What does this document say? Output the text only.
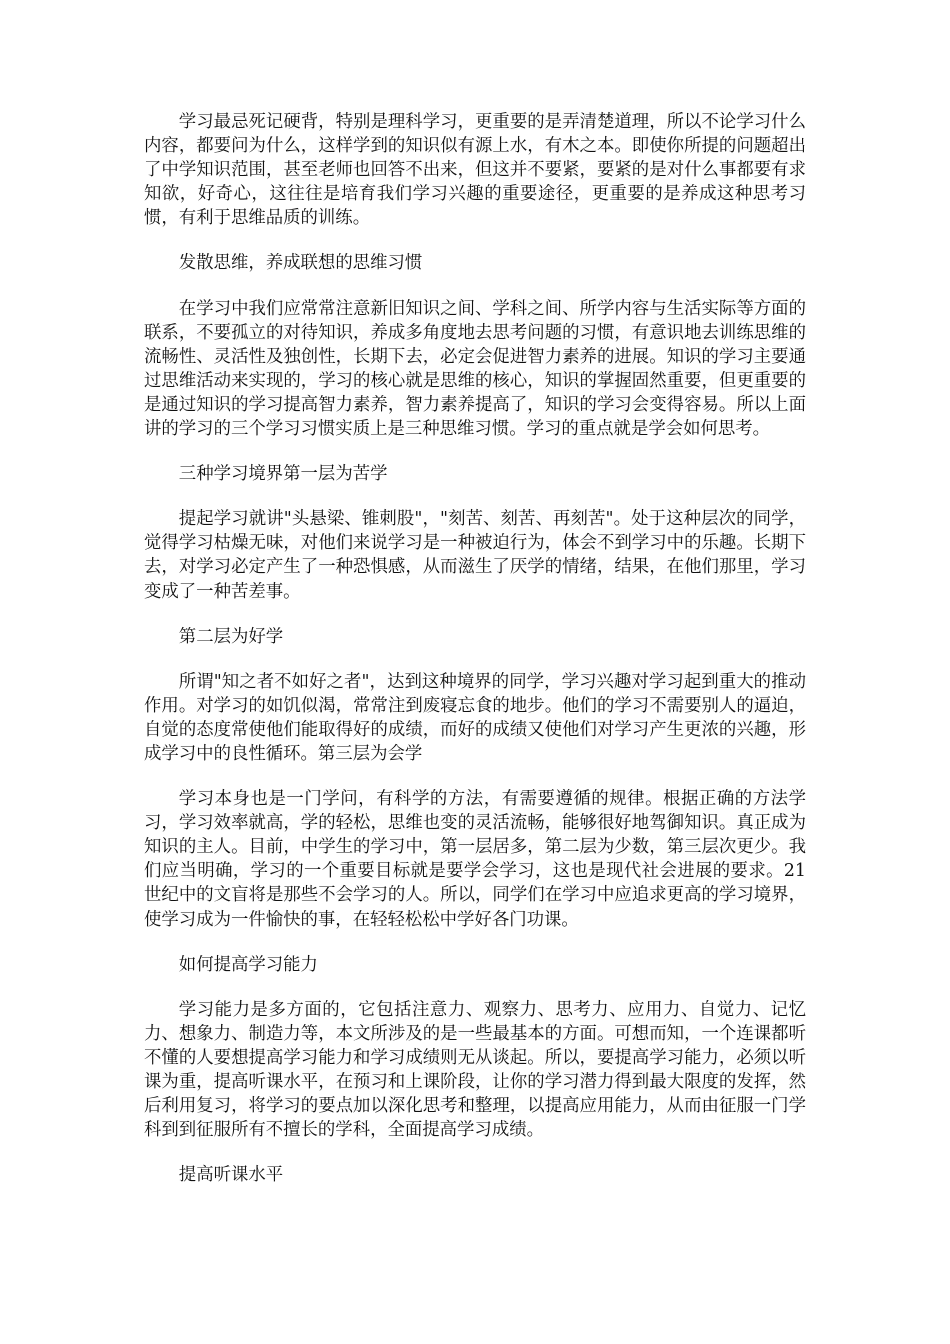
学习最忌死记硬背，特别是理科学习，更重要的是弄清楚道理，所以不论学习什么内容，都要问为什么，这样学到的知识似有源上水，有木之本。即使你所提的问题超出了中学知识范围，甚至老师也回答不出来，但这并不要紧，要紧的是对什么事都要有求知欲，好奇心，这往往是培育我们学习兴趣的重要途径，更重要的是养成这种思考习惯，有利于思维品质的训练。

发散思维，养成联想的思维习惯

在学习中我们应常常注意新旧知识之间、学科之间、所学内容与生活实际等方面的联系，不要孤立的对待知识，养成多角度地去思考问题的习惯，有意识地去训练思维的流畅性、灵活性及独创性，长期下去，必定会促进智力素养的进展。知识的学习主要通过思维活动来实现的，学习的核心就是思维的核心，知识的掌握固然重要，但更重要的是通过知识的学习提高智力素养，智力素养提高了，知识的学习会变得容易。所以上面讲的学习的三个学习习惯实质上是三种思维习惯。学习的重点就是学会如何思考。

三种学习境界第一层为苦学

提起学习就讲"头悬梁、锥刺股"，"刻苦、刻苦、再刻苦"。处于这种层次的同学，觉得学习枯燥无味，对他们来说学习是一种被迫行为，体会不到学习中的乐趣。长期下去，对学习必定产生了一种恐惧感，从而滋生了厌学的情绪，结果，在他们那里，学习变成了一种苦差事。

第二层为好学

所谓"知之者不如好之者"，达到这种境界的同学，学习兴趣对学习起到重大的推动作用。对学习的如饥似渴，常常注到废寝忘食的地步。他们的学习不需要别人的逼迫，自觉的态度常使他们能取得好的成绩，而好的成绩又使他们对学习产生更浓的兴趣，形成学习中的良性循环。第三层为会学

学习本身也是一门学问，有科学的方法，有需要遵循的规律。根据正确的方法学习，学习效率就高，学的轻松，思维也变的灵活流畅，能够很好地驾御知识。真正成为知识的主人。目前，中学生的学习中，第一层居多，第二层为少数，第三层次更少。我们应当明确，学习的一个重要目标就是要学会学习，这也是现代社会进展的要求。21世纪中的文盲将是那些不会学习的人。所以，同学们在学习中应追求更高的学习境界，使学习成为一件愉快的事，在轻轻松松中学好各门功课。

如何提高学习能力

学习能力是多方面的，它包括注意力、观察力、思考力、应用力、自觉力、记忆力、想象力、制造力等，本文所涉及的是一些最基本的方面。可想而知，一个连课都听不懂的人要想提高学习能力和学习成绩则无从谈起。所以，要提高学习能力，必须以听课为重，提高听课水平，在预习和上课阶段，让你的学习潜力得到最大限度的发挥，然后利用复习，将学习的要点加以深化思考和整理，以提高应用能力，从而由征服一门学科到到征服所有不擅长的学科，全面提高学习成绩。

提高听课水平
